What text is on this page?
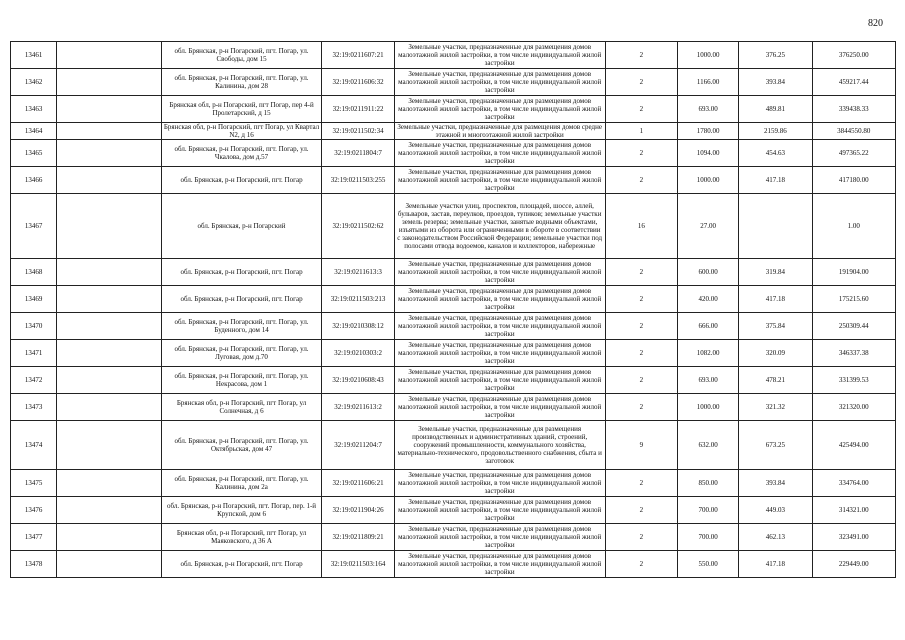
820
13461		обл. Брянская, р-н Погарский, пгт. Погар, ул. Свободы, дом 15	32:19:0211607:21	Земельные участки, предназначенные для размещения домов малоэтажной жилой застройки, в том числе индивидуальной жилой застройки	2	1000.00	376.25	376250.00
13462		обл. Брянская, р-н Погарский, пгт. Погар, ул. Калинина, дом 28	32:19:0211606:32	Земельные участки, предназначенные для размещения домов малоэтажной жилой застройки, в том числе индивидуальной жилой застройки	2	1166.00	393.84	459217.44
13463		Брянская обл, р-н Погарский, пгт Погар, пер 4-й Пролетарский, д 15	32:19:0211911:22	Земельные участки, предназначенные для размещения домов малоэтажной жилой застройки, в том числе индивидуальной жилой застройки	2	693.00	489.81	339438.33
13464		Брянская обл, р-н Погарский, пгт Погар, ул Квартал N2, д 16	32:19:0211502:34	Земельные участки, предназначенные для размещения домов средне этажной и многоэтажной жилой застройки	1	1780.00	2159.86	3844550.80
13465		обл. Брянская, р-н Погарский, пгт. Погар, ул. Чкалова, дом д.57	32:19:0211804:7	Земельные участки, предназначенные для размещения домов малоэтажной жилой застройки, в том числе индивидуальной жилой застройки	2	1094.00	454.63	497365.22
13466		обл. Брянская, р-н Погарский, пгт. Погар	32:19:0211503:255	Земельные участки, предназначенные для размещения домов малоэтажной жилой застройки, в том числе индивидуальной жилой застройки	2	1000.00	417.18	417180.00
13467		обл. Брянская, р-н Погарский	32:19:0211502:62	Земельные участки улиц, проспектов, площадей, шоссе, аллей, бульваров, застав, переулков, проездов, тупиков; земельные участки земель резерва; земельные участки, занятые водными объектами, изъятыми из оборота или ограниченными в обороте в соответствии с законодательством Российской Федерации; земельные участки под полосами отвода водоемов, каналов и коллекторов, набережные	16	27.00		1.00
13468		обл. Брянская, р-н Погарский, пгт. Погар	32:19:0211613:3	Земельные участки, предназначенные для размещения домов малоэтажной жилой застройки, в том числе индивидуальной жилой застройки	2	600.00	319.84	191904.00
13469		обл. Брянская, р-н Погарский, пгт. Погар	32:19:0211503:213	Земельные участки, предназначенные для размещения домов малоэтажной жилой застройки, в том числе индивидуальной жилой застройки	2	420.00	417.18	175215.60
13470		обл. Брянская, р-н Погарский, пгт. Погар, ул. Буденного, дом 14	32:19:0210308:12	Земельные участки, предназначенные для размещения домов малоэтажной жилой застройки, в том числе индивидуальной жилой застройки	2	666.00	375.84	250309.44
13471		обл. Брянская, р-н Погарский, пгт. Погар, ул. Луговая, дом д.70	32:19:0210303:2	Земельные участки, предназначенные для размещения домов малоэтажной жилой застройки, в том числе индивидуальной жилой застройки	2	1082.00	320.09	346337.38
13472		обл. Брянская, р-н Погарский, пгт. Погар, ул. Некрасова, дом 1	32:19:0210608:43	Земельные участки, предназначенные для размещения домов малоэтажной жилой застройки, в том числе индивидуальной жилой застройки	2	693.00	478.21	331399.53
13473		Брянская обл, р-н Погарский, пгт Погар, ул Солнечная, д 6	32:19:0211613:2	Земельные участки, предназначенные для размещения домов малоэтажной жилой застройки, в том числе индивидуальной жилой застройки	2	1000.00	321.32	321320.00
13474		обл. Брянская, р-н Погарский, пгт. Погар, ул. Октябрьская, дом 47	32:19:0211204:7	Земельные участки, предназначенные для размещения производственных и административных зданий, строений, сооружений промышленности, коммунального хозяйства, материально-технического, продовольственного снабжения, сбыта и заготовок	9	632.00	673.25	425494.00
13475		обл. Брянская, р-н Погарский, пгт. Погар, ул. Калинина, дом 2а	32:19:0211606:21	Земельные участки, предназначенные для размещения домов малоэтажной жилой застройки, в том числе индивидуальной жилой застройки	2	850.00	393.84	334764.00
13476		обл. Брянская, р-н Погарский, пгт. Погар, пер. 1-й Крупской, дом 6	32:19:0211904:26	Земельные участки, предназначенные для размещения домов малоэтажной жилой застройки, в том числе индивидуальной жилой застройки	2	700.00	449.03	314321.00
13477		Брянская обл, р-н Погарский, пгт Погар, ул Маяковского, д 36 А	32:19:0211809:21	Земельные участки, предназначенные для размещения домов малоэтажной жилой застройки, в том числе индивидуальной жилой застройки	2	700.00	462.13	323491.00
13478		обл. Брянская, р-н Погарский, пгт. Погар	32:19:0211503:164	Земельные участки, предназначенные для размещения домов малоэтажной жилой застройки, в том числе индивидуальной жилой застройки	2	550.00	417.18	229449.00
